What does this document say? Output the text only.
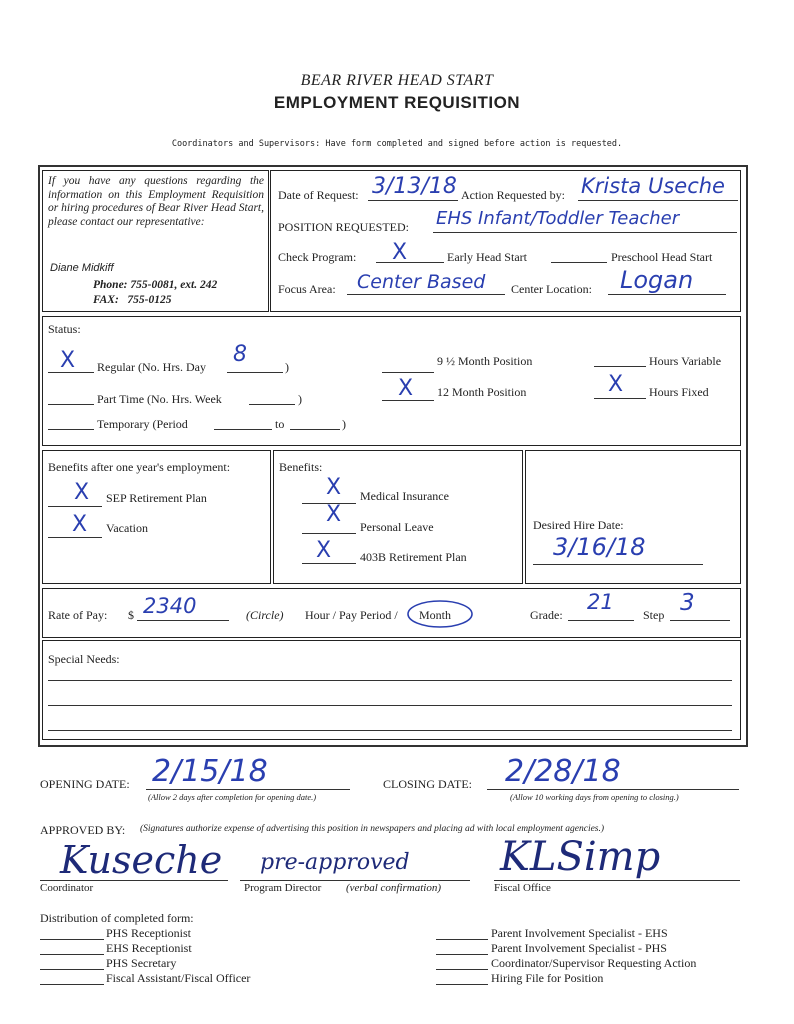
BEAR RIVER HEAD START
EMPLOYMENT REQUISITION
Coordinators and Supervisors: Have form completed and signed before action is requested.
If you have any questions regarding the information on this Employment Requisition or hiring procedures of Bear River Head Start, please contact our representative:
Diane Midkiff
Phone: 755-0081, ext. 242
FAX:   755-0125
Date of Request: 3/13/18 Action Requested by: Krista Useche
POSITION REQUESTED: EHS Infant/Toddler Teacher
Check Program: X	Early Head Start	Preschool Head Start
Focus Area: Center Based Center Location: Logan
Status:
X Regular (No. Hrs. Day 8	)
Part Time (No. Hrs. Week	)
Temporary (Period	to	)
9 ½ Month Position
X 12 Month Position
Hours Variable
X Hours Fixed
Benefits after one year's employment:
X SEP Retirement Plan
X Vacation
Benefits:
X Medical Insurance
X Personal Leave
X 403B Retirement Plan
Desired Hire Date:
3/16/18
Rate of Pay: $ 2340	(Circle) Hour / Pay Period / Month	Grade:
21
Step 3
Special Needs:
OPENING DATE: 2/15/18
(Allow 2 days after completion for opening date.)
CLOSING DATE: 2/28/18
(Allow 10 working days from opening to closing.)
APPROVED BY: (Signatures authorize expense of advertising this position in newspapers and placing ad with local employment agencies.)
Kuseche
Coordinator
pre-approved
Program Director (verbal confirmation)
KLSimp
Fiscal Office
Distribution of completed form:
PHS Receptionist
EHS Receptionist
PHS Secretary
Fiscal Assistant/Fiscal Officer
Parent Involvement Specialist - EHS
Parent Involvement Specialist - PHS
Coordinator/Supervisor Requesting Action
Hiring File for Position
